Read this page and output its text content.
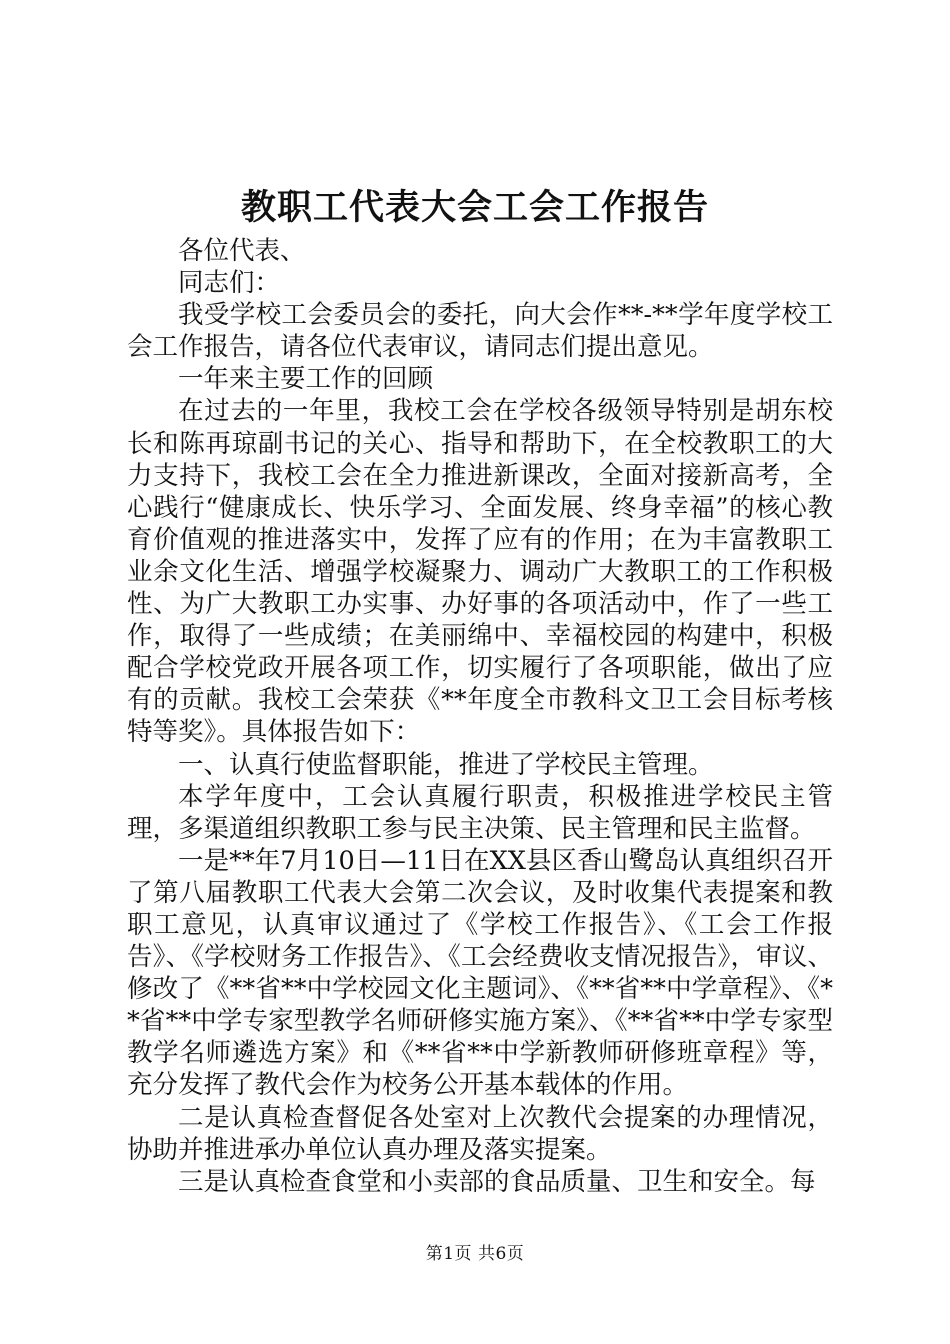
教职工代表大会工会工作报告

各位代表、

同志们：

我受学校工会委员会的委托，向大会作**-**学年度学校工会工作报告，请各位代表审议，请同志们提出意见。

一年来主要工作的回顾

在过去的一年里，我校工会在学校各级领导特别是胡东校长和陈再琼副书记的关心、指导和帮助下，在全校教职工的大力支持下，我校工会在全力推进新课改，全面对接新高考，全心践行“健康成长、快乐学习、全面发展、终身幸福”的核心教育价值观的推进落实中，发挥了应有的作用；在为丰富教职工业余文化生活、增强学校凝聚力、调动广大教职工的工作积极性、为广大教职工办实事、办好事的各项活动中，作了一些工作，取得了一些成绩；在美丽绵中、幸福校园的构建中，积极配合学校党政开展各项工作，切实履行了各项职能，做出了应有的贡献。我校工会荣获《**年度全市教科文卫工会目标考核特等奖》。具体报告如下：

一、认真行使监督职能，推进了学校民主管理。

本学年度中，工会认真履行职责，积极推进学校民主管理，多渠道组织教职工参与民主决策、民主管理和民主监督。

一是**年7月10日—11日在XX县区香山鹭岛认真组织召开了第八届教职工代表大会第二次会议，及时收集代表提案和教职工意见，认真审议通过了《学校工作报告》、《工会工作报告》、《学校财务工作报告》、《工会经费收支情况报告》，审议、修改了《**省**中学校园文化主题词》、《**省**中学章程》、《**省**中学专家型教学名师研修实施方案》、《**省**中学专家型教学名师遴选方案》和《**省**中学新教师研修班章程》等，充分发挥了教代会作为校务公开基本载体的作用。

二是认真检查督促各处室对上次教代会提案的办理情况，协助并推进承办单位认真办理及落实提案。

三是认真检查食堂和小卖部的食品质量、卫生和安全。每

第1页 共6页
